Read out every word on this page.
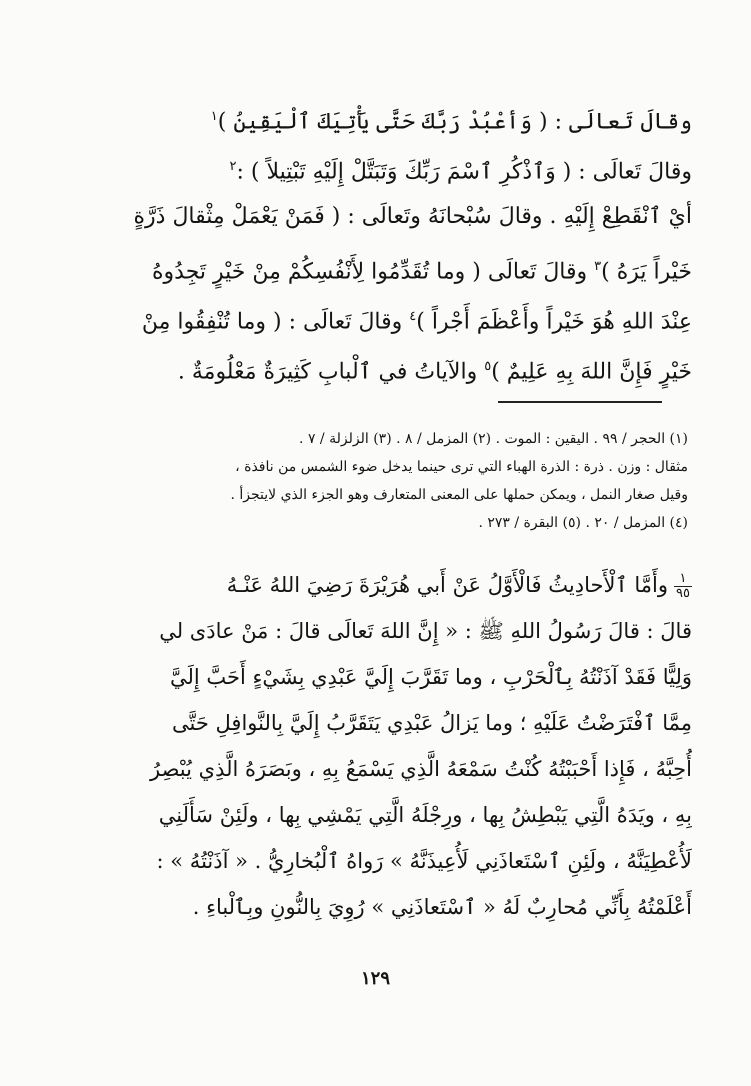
وقالَ تَعالَى : ( وَأعْبُدْ رَبَّكَ حَتَّى يَأْتِيَكَ ٱلْيَقِينُ )$^١$
وقالَ تَعالَى : ( وَٱذْكُرِ ٱسْمَ رَبِّكَ وَتَبَتَّلْ إِلَيْهِ تَبْتِيلاً ) :$^٢$
أيْ ٱنْقَطِعْ إِلَيْهِ . وقالَ سُبْحانَهُ وتَعالَى : ( فَمَنْ يَعْمَلْ مِثْقالَ ذَرَّةٍ
خَيْراً يَرَهُ )$^٣$ وقالَ تَعالَى ( وما تُقَدِّمُوا لِأَنْفُسِكُمْ مِنْ خَيْرٍ تَجِدُوهُ
عِنْدَ اللهِ هُوَ خَيْراً وأَعْظَمَ أَجْراً )$^٤$ وقالَ تَعالَى : ( وما تُنْفِقُوا مِنْ
خَيْرٍ فَإِنَّ اللهَ بِهِ عَلِيمٌ )$^٥$ والآياتُ في ٱلْبابِ كَثِيرَةٌ مَعْلُومَةٌ .
(١) الحجر / ٩٩ . اليقين : الموت . (٢) المزمل / ٨ . (٣) الزلزلة / ٧ .
مثقال : وزن . ذرة : الذرة الهباء التي ترى حينما يدخل ضوء الشمس من نافذة ،
وقيل صغار النمل ، ويمكن حملها على المعنى المتعارف وهو الجزء الذي لايتجزأ .
(٤) المزمل / ٢٠ . (٥) البقرة / ٢٧٣ .
$\frac{١}{٩٥}$
وأَمَّا ٱلْأَحادِيثُ فَالْأَوَّلُ عَنْ أَبي هُرَيْرَةَ رَضِيَ اللهُ عَنْـهُ
قالَ : قالَ رَسُولُ اللهِ ﷺ : « إِنَّ اللهَ تَعالَى قالَ : مَنْ عادَى لي
وَلِيًّا فَقَدْ آذَنْتُهُ بِٱلْحَرْبِ ، وما تَقَرَّبَ إِلَيَّ عَبْدِي بِشَيْءٍ أَحَبَّ إِلَيَّ
مِمَّا ٱفْتَرَضْتُ عَلَيْهِ ؛ وما يَزالُ عَبْدِي يَتَقَرَّبُ إِلَيَّ بِالنَّوافِلِ حَتَّى
أُحِبَّهُ ، فَإِذا أَحْبَبْتُهُ كُنْتُ سَمْعَهُ الَّذِي يَسْمَعُ بِهِ ، وبَصَرَهُ الَّذِي يُبْصِرُ
بِهِ ، ويَدَهُ الَّتِي يَبْطِشُ بِها ، ورِجْلَهُ الَّتِي يَمْشِي بِها ، ولَئِنْ سَأَلَنِي
لَأُعْطِيَنَّهُ ، ولَئِنِ ٱسْتَعاذَنِي لَأُعِيذَنَّهُ » رَواهُ ٱلْبُخارِيُّ . « آذَنْتُهُ » :
أَعْلَمْتُهُ بِأَنِّي مُحارِبٌ لَهُ « ٱسْتَعاذَنِي » رُوِيَ بِالنُّونِ وبِٱلْباءِ .
١٢٩
